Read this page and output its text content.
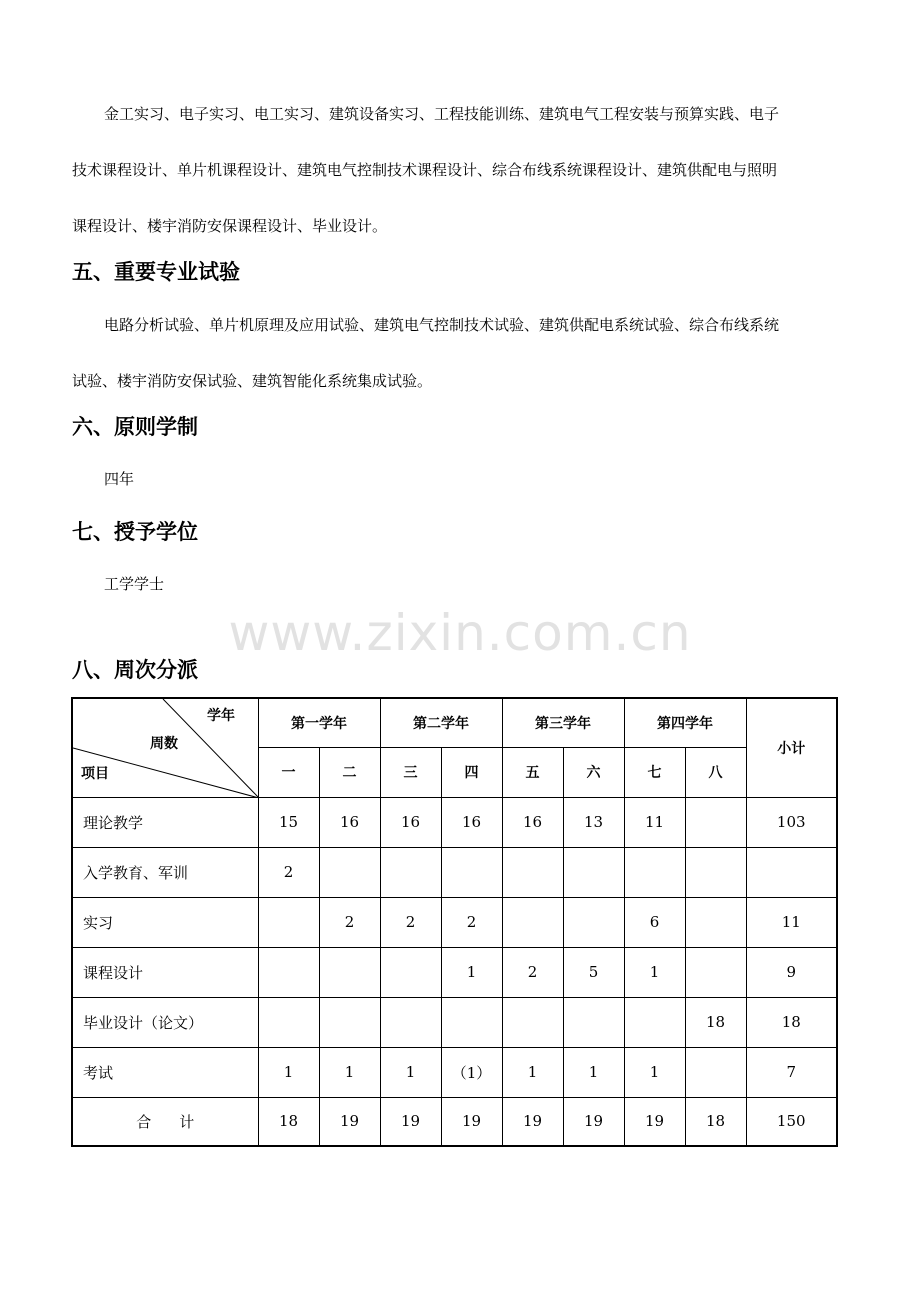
金工实习、电子实习、电工实习、建筑设备实习、工程技能训练、建筑电气工程安装与预算实践、电子
技术课程设计、单片机课程设计、建筑电气控制技术课程设计、综合布线系统课程设计、建筑供配电与照明
课程设计、楼宇消防安保课程设计、毕业设计。
五、重要专业试验
电路分析试验、单片机原理及应用试验、建筑电气控制技术试验、建筑供配电系统试验、综合布线系统
试验、楼宇消防安保试验、建筑智能化系统集成试验。
六、原则学制

四年

七、授予学位

工学学士

www.zixin.com.cn
八、周次分派
学年
周数
项目	第一学年		第二学年		第三学年		第四学年		小计
	一	二	三	四	五	六	七	八	
理论教学	15	16	16	16	16	13	11		103
入学教育、军训	2								
实习		2	2	2			6		11
课程设计				1	2	5	1		9
毕业设计（论文）								18	18
考试	1	1	1	（1）	1	1	1		7
合计	18	19	19	19	19	19	19	18	150
